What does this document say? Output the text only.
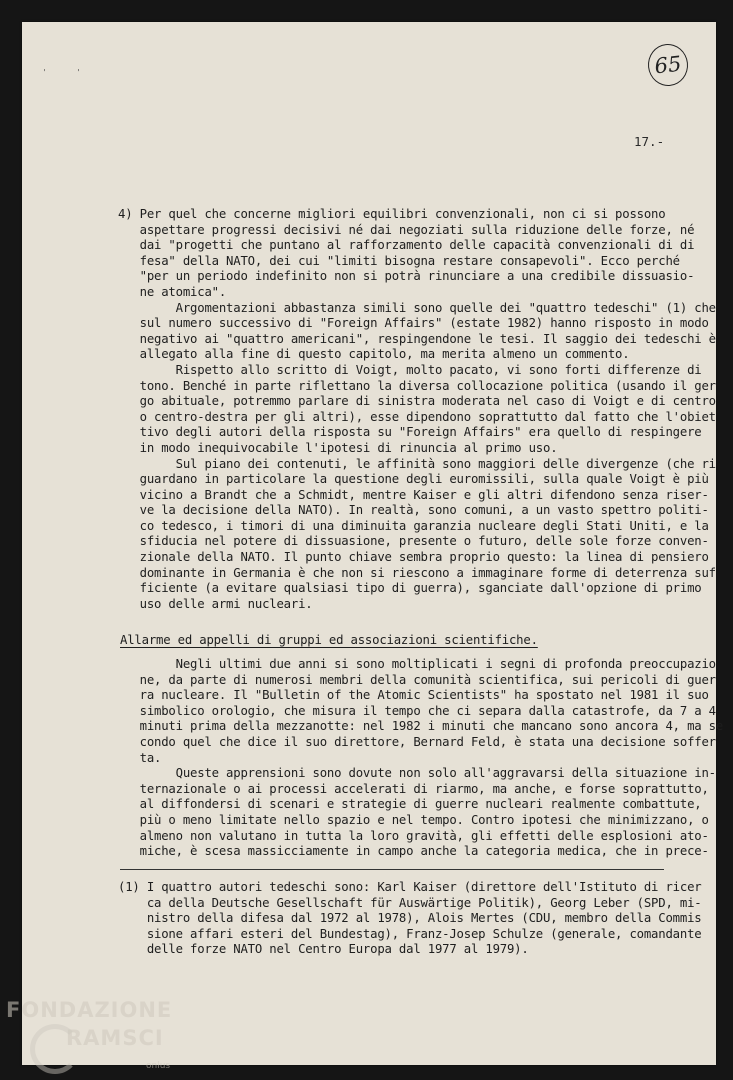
'	'	65
17.-
4) Per quel che concerne migliori equilibri convenzionali, non ci si possono
aspettare progressi decisivi né dai negoziati sulla riduzione delle forze,
dai "progetti che puntano al rafforzamento delle capacità convenzionali
fesa" della NATO, dei cui "limiti bisogna restare consapevoli". Ecco perché
"per un periodo indefinito non si potrà rinunciare a una credibile dissuasio-
ne atomica".
Argomentazioni abbastanza simili sono quelle dei "quattro tedeschi"
sul numero successivo di "Foreign Affairs" (estate 1982) hanno risposto
negativo ai "quattro americani", respingendone le tesi. Il saggio dei
allegato alla fine di questo capitolo, ma merita almeno un commento.
Rispetto allo scritto di Voigt, molto pacato, vi sono forti differenze
tono. Benché in parte riflettano la diversa collocazione politica (usando
go abituale, potremmo parlare di sinistra moderata nel caso di Voigt e di
o centro-destra per gli altri), esse dipendono soprattutto dal fatto che
tivo degli autori della risposta su "Foreign Affairs" era quello di
in modo inequivocabile l'ipotesi di rinuncia al primo uso.
Sul piano dei contenuti, le affinità sono maggiori delle divergenze
guardano in particolare la questione degli euromissili, sulla quale Voigt
vicino a Brandt che a Schmidt, mentre Kaiser e gli altri difendono senza
ve la decisione della NATO). In realtà, sono comuni, a un vasto spettro
co tedesco, i timori di una diminuita garanzia nucleare degli Stati Uniti,
sfiducia nel potere di dissuasione, presente o futuro, delle sole forze
zionale della NATO. Il punto chiave sembra proprio questo: la linea di
dominante in Germania è che non si riescono a immaginare forme di deterrenza
ficiente (a evitare qualsiasi tipo di guerra), sganciate dall'opzione di
uso delle armi nucleari.
Allarme ed appelli di gruppi ed associazioni scientifiche.
Negli ultimi due anni si sono moltiplicati i segni di profonda
ne, da parte di numerosi membri della comunità scientifica, sui pericoli
ra nucleare. Il "Bulletin of the Atomic Scientists" ha spostato nel 1981
simbolico orologio, che misura il tempo che ci separa dalla catastrofe,
minuti prima della mezzanotte: nel 1982 i minuti che mancano sono ancora
condo quel che dice il suo direttore, Bernard Feld, è stata una decisione
ta.
Queste apprensioni sono dovute non solo all'aggravarsi della situazione
ternazionale o ai processi accelerati di riarmo, ma anche, e forse
al diffondersi di scenari e strategie di guerre nucleari realmente combattute,
più o meno limitate nello spazio e nel tempo. Contro ipotesi che minimizzano,
almeno non valutano in tutta la loro gravità, gli effetti delle esplosioni
miche, è scesa massicciamente in campo anche la categoria medica, che in
(1) I quattro autori tedeschi sono: Karl Kaiser (direttore dell'Istituto di
ca della Deutsche Gesellschaft für Auswärtige Politik), Georg Leber (SPD,
nistro della difesa dal 1972 al 1978), Alois Mertes (CDU, membro della
sione affari esteri del Bundestag), Franz-Josep Schulze (generale,
delle forze NATO nel Centro Europa dal 1977 al 1979).
FONDAZIONE
RAMSCI
onlus
